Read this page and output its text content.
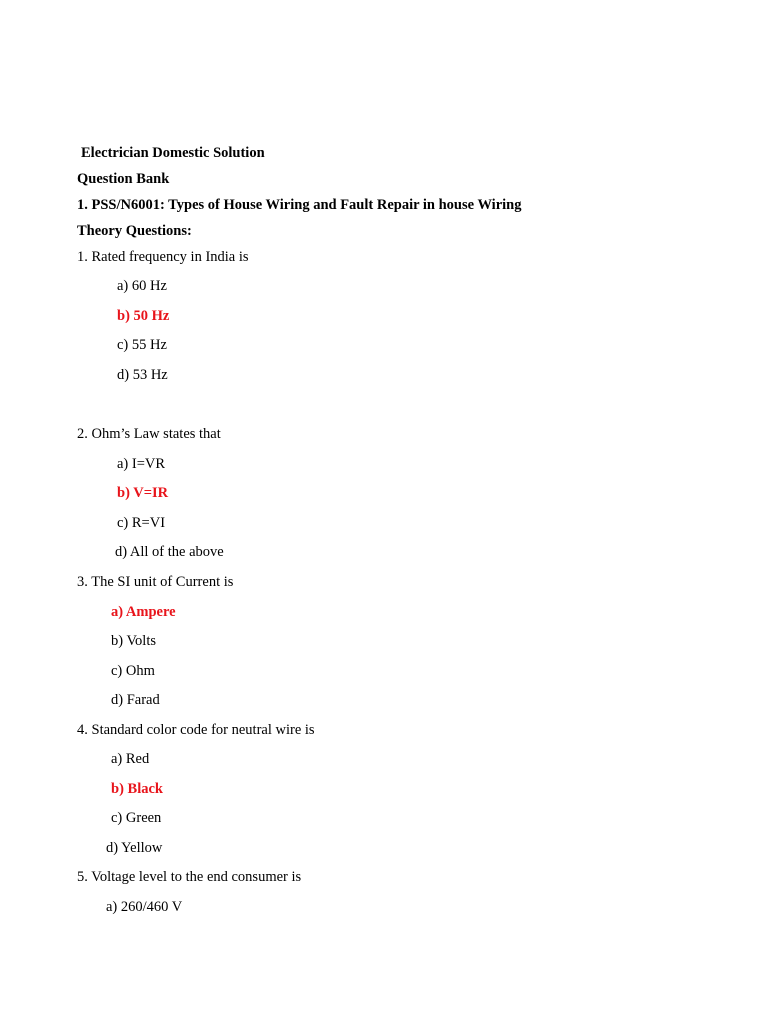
Electrician Domestic Solution
Question Bank
1. PSS/N6001: Types of House Wiring and Fault Repair in house Wiring
Theory Questions:
1. Rated frequency in India is
a) 60 Hz
b) 50 Hz
c) 55 Hz
d) 53 Hz
2. Ohm’s Law states that
a) I=VR
b) V=IR
c) R=VI
d) All of the above
3. The SI unit of Current is
a) Ampere
b) Volts
c) Ohm
d) Farad
4. Standard color code for neutral wire is
a) Red
b) Black
c) Green
d) Yellow
5. Voltage level to the end consumer is
a) 260/460 V
